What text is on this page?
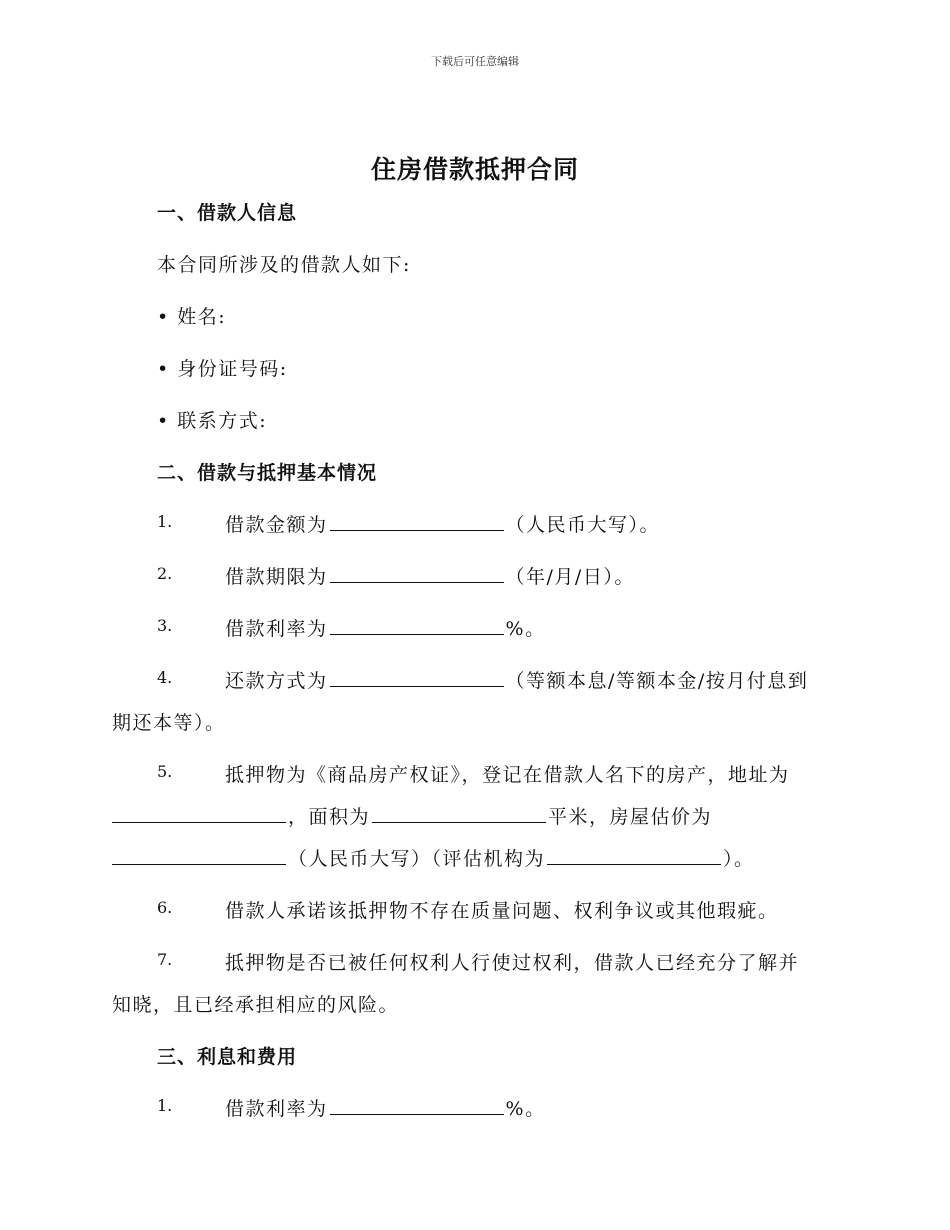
下载后可任意编辑
住房借款抵押合同
一、借款人信息
本合同所涉及的借款人如下:
• 姓名:
• 身份证号码:
• 联系方式:
二、借款与抵押基本情况
1.	借款金额为	（人民币大写）。
2.	借款期限为	（年/月/日）。
3.	借款利率为	%。
4.	还款方式为	（等额本息/等额本金/按月付息到
期还本等）。
5.	抵押物为《商品房产权证》，登记在借款人名下的房产，地址为
，面积为	平米，房屋估价为
（人民币大写）（评估机构为	）。
6.	借款人承诺该抵押物不存在质量问题、权利争议或其他瑕疵。
7.	抵押物是否已被任何权利人行使过权利，借款人已经充分了解并
知晓，且已经承担相应的风险。
三、利息和费用
1.	借款利率为	%。
